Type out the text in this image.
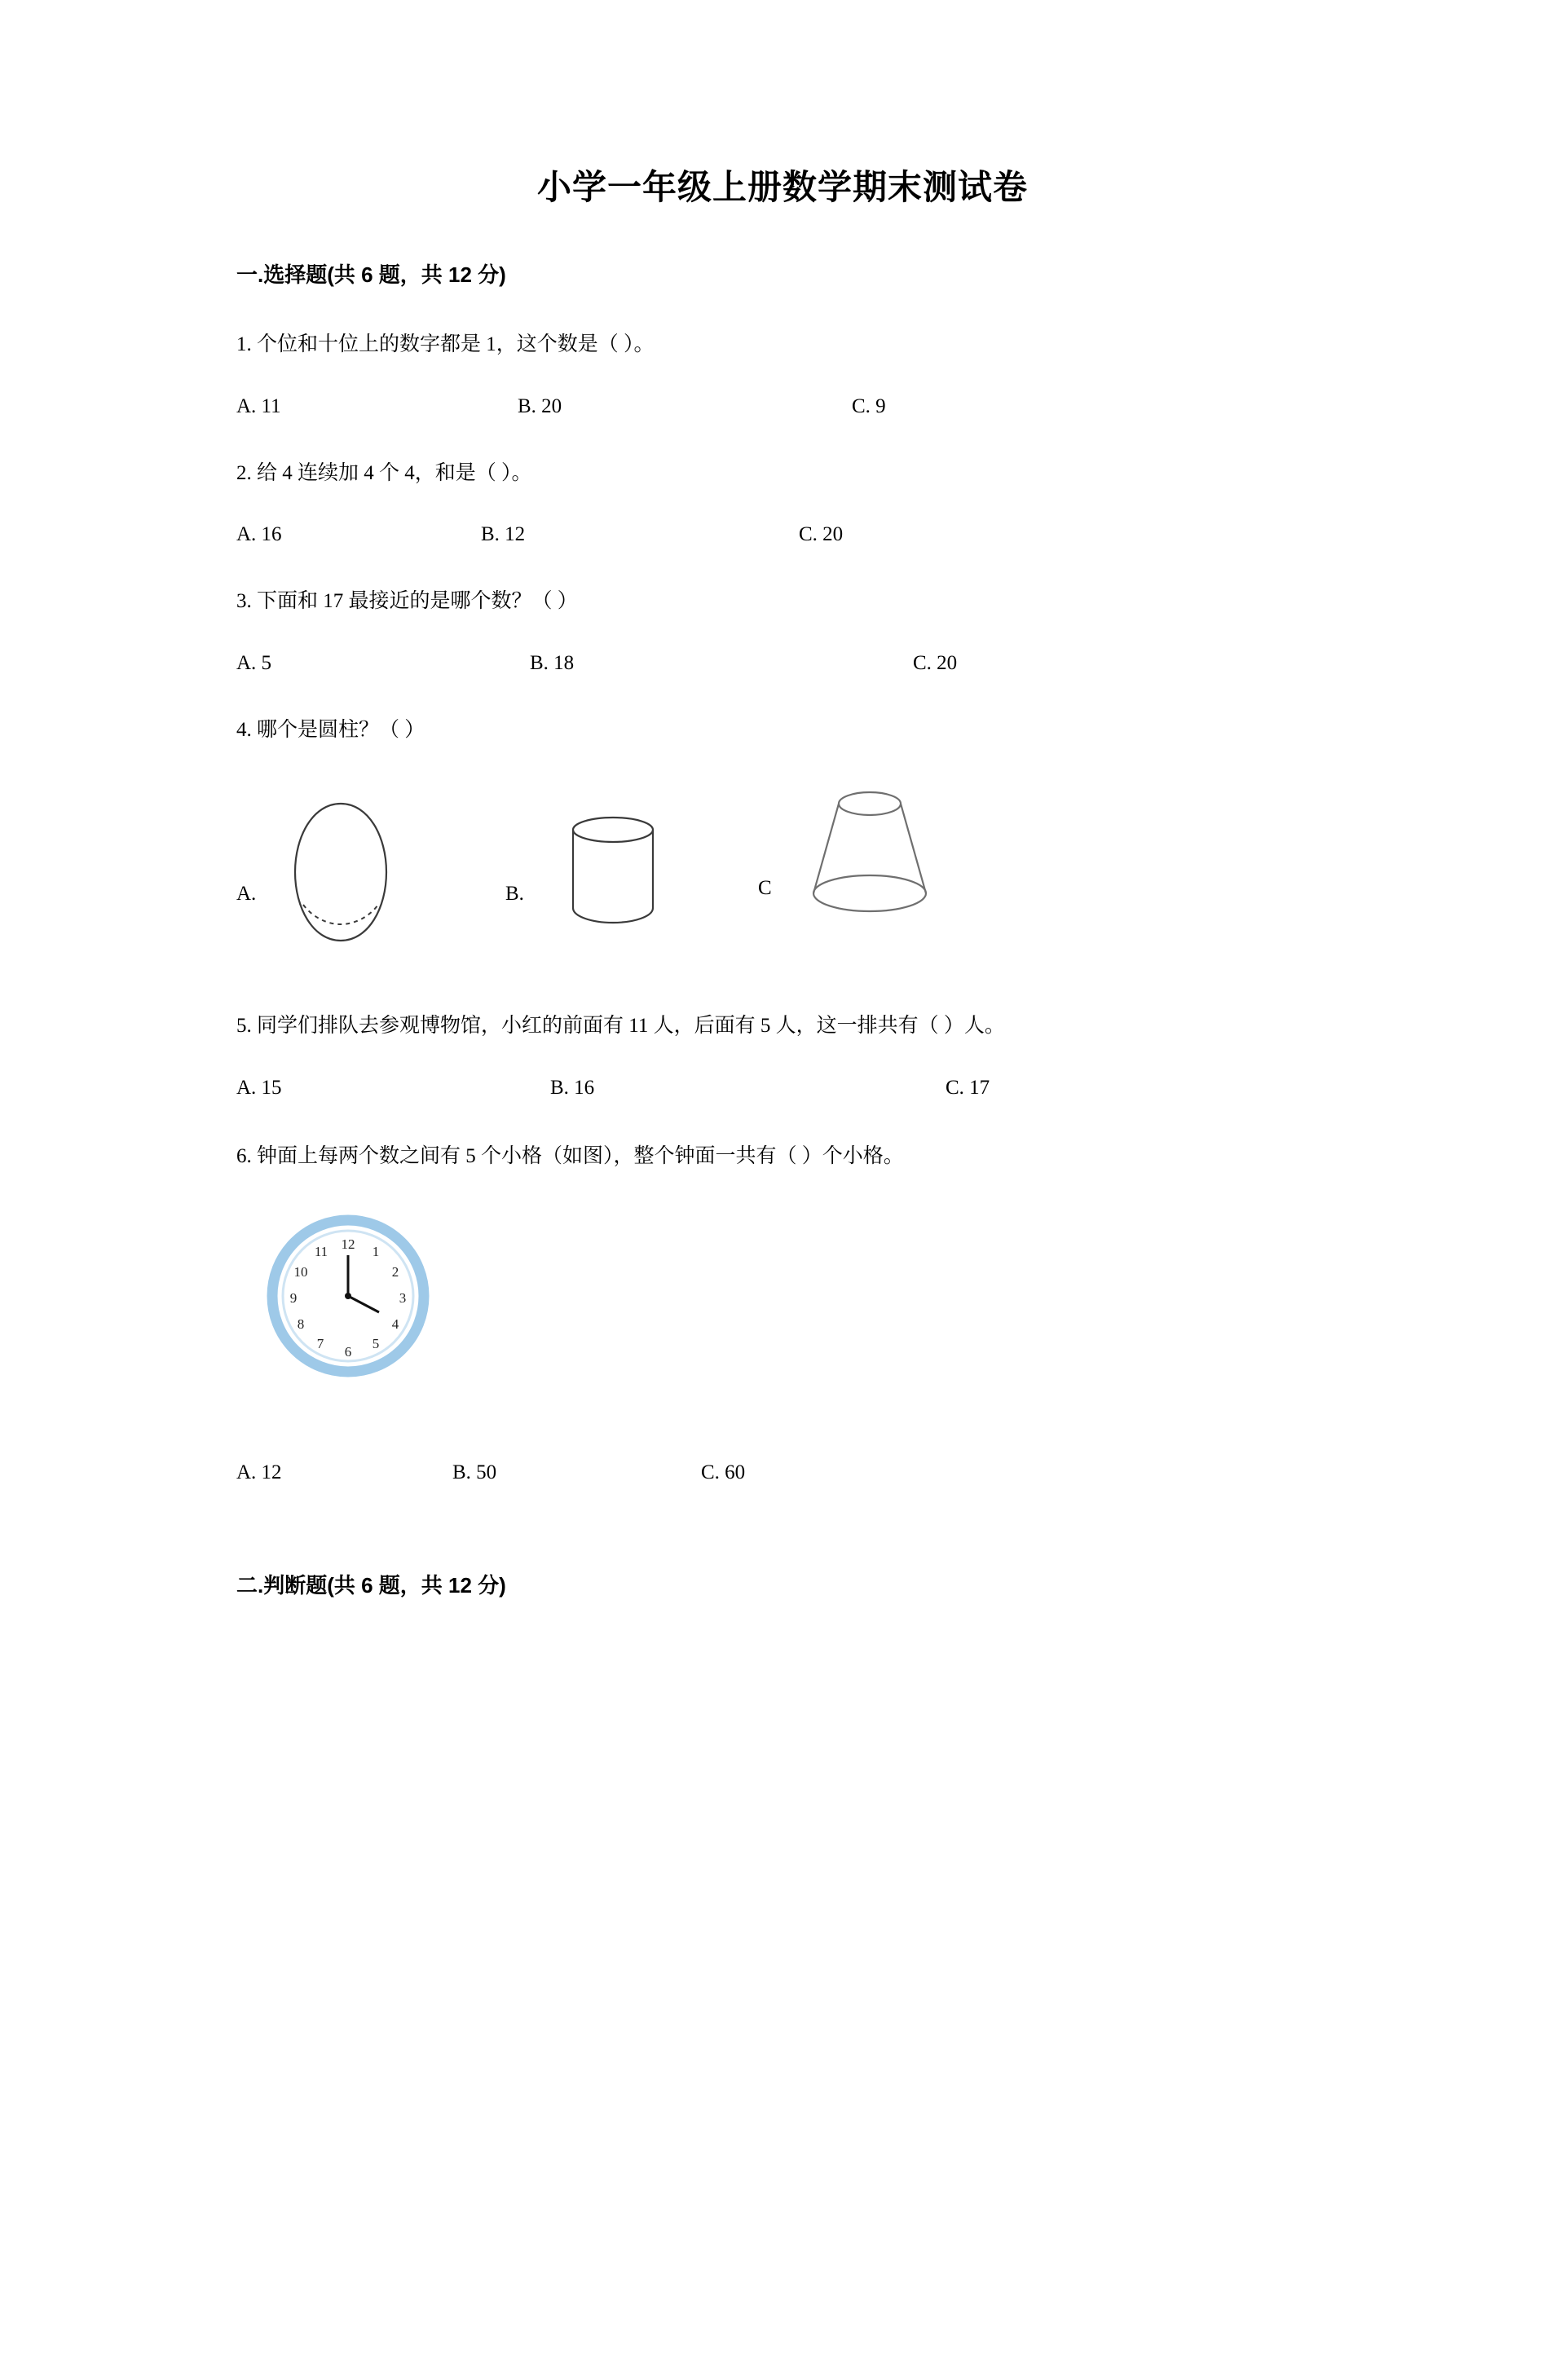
小学一年级上册数学期末测试卷
一.选择题(共 6 题，共 12 分)
1. 个位和十位上的数字都是 1，这个数是（ ）。
A. 11	B. 20	C. 9
2. 给 4 连续加 4 个 4，和是（ ）。
A. 16	B. 12	C. 20
3. 下面和 17 最接近的是哪个数？（ ）
A. 5	B. 18	C. 20
4. 哪个是圆柱？（ ）
A.	B.	C
5. 同学们排队去参观博物馆，小红的前面有 11 人，后面有 5 人，这一排共有（ ）人。
A. 15	B. 16	C. 17
6. 钟面上每两个数之间有 5 个小格（如图），整个钟面一共有（ ）个小格。
12 1
2
3
4
5
6
7
8
9
10
11
A. 12	B. 50	C. 60
二.判断题(共 6 题，共 12 分)
